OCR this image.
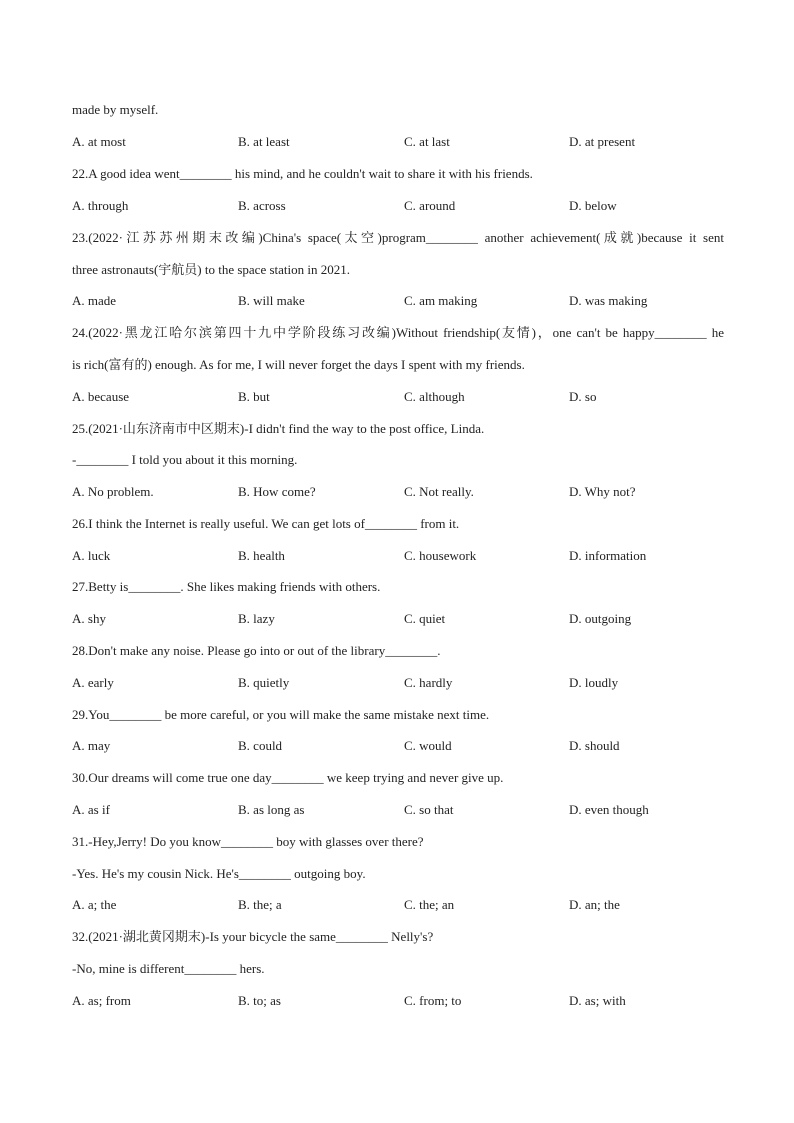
made by myself.
A. at most	B. at least	C. at last	D. at present
22.A good idea went________ his mind, and he couldn't wait to share it with his friends.
A. through	B. across	C. around	D. below
23.(2022·江苏苏州期末改编)China's space(太空)program________ another achievement(成就)because it sent
three astronauts(宇航员) to the space station in 2021.
A. made	B. will make	C. am making	D. was making
24.(2022·黑龙江哈尔滨第四十九中学阶段练习改编)Without friendship(友情)，one can't be happy________ he
is rich(富有的) enough. As for me, I will never forget the days I spent with my friends.
A. because	B. but	C. although	D. so
25.(2021·山东济南市中区期末)-I didn't find the way to the post office, Linda.
-________ I told you about it this morning.
A. No problem.	B. How come?	C. Not really.	D. Why not?
26.I think the Internet is really useful. We can get lots of________ from it.
A. luck	B. health	C. housework	D. information
27.Betty is________. She likes making friends with others.
A. shy	B. lazy	C. quiet	D. outgoing
28.Don't make any noise. Please go into or out of the library________.
A. early	B. quietly	C. hardly	D. loudly
29.You________ be more careful, or you will make the same mistake next time.
A. may	B. could	C. would	D. should
30.Our dreams will come true one day________ we keep trying and never give up.
A. as if	B. as long as	C. so that	D. even though
31.-Hey,Jerry! Do you know________ boy with glasses over there?
-Yes. He's my cousin Nick. He's________ outgoing boy.
A. a; the	B. the; a	C. the; an	D. an; the
32.(2021·湖北黄冈期末)-Is your bicycle the same________ Nelly's?
-No, mine is different________ hers.
A. as; from	B. to; as	C. from; to	D. as; with
